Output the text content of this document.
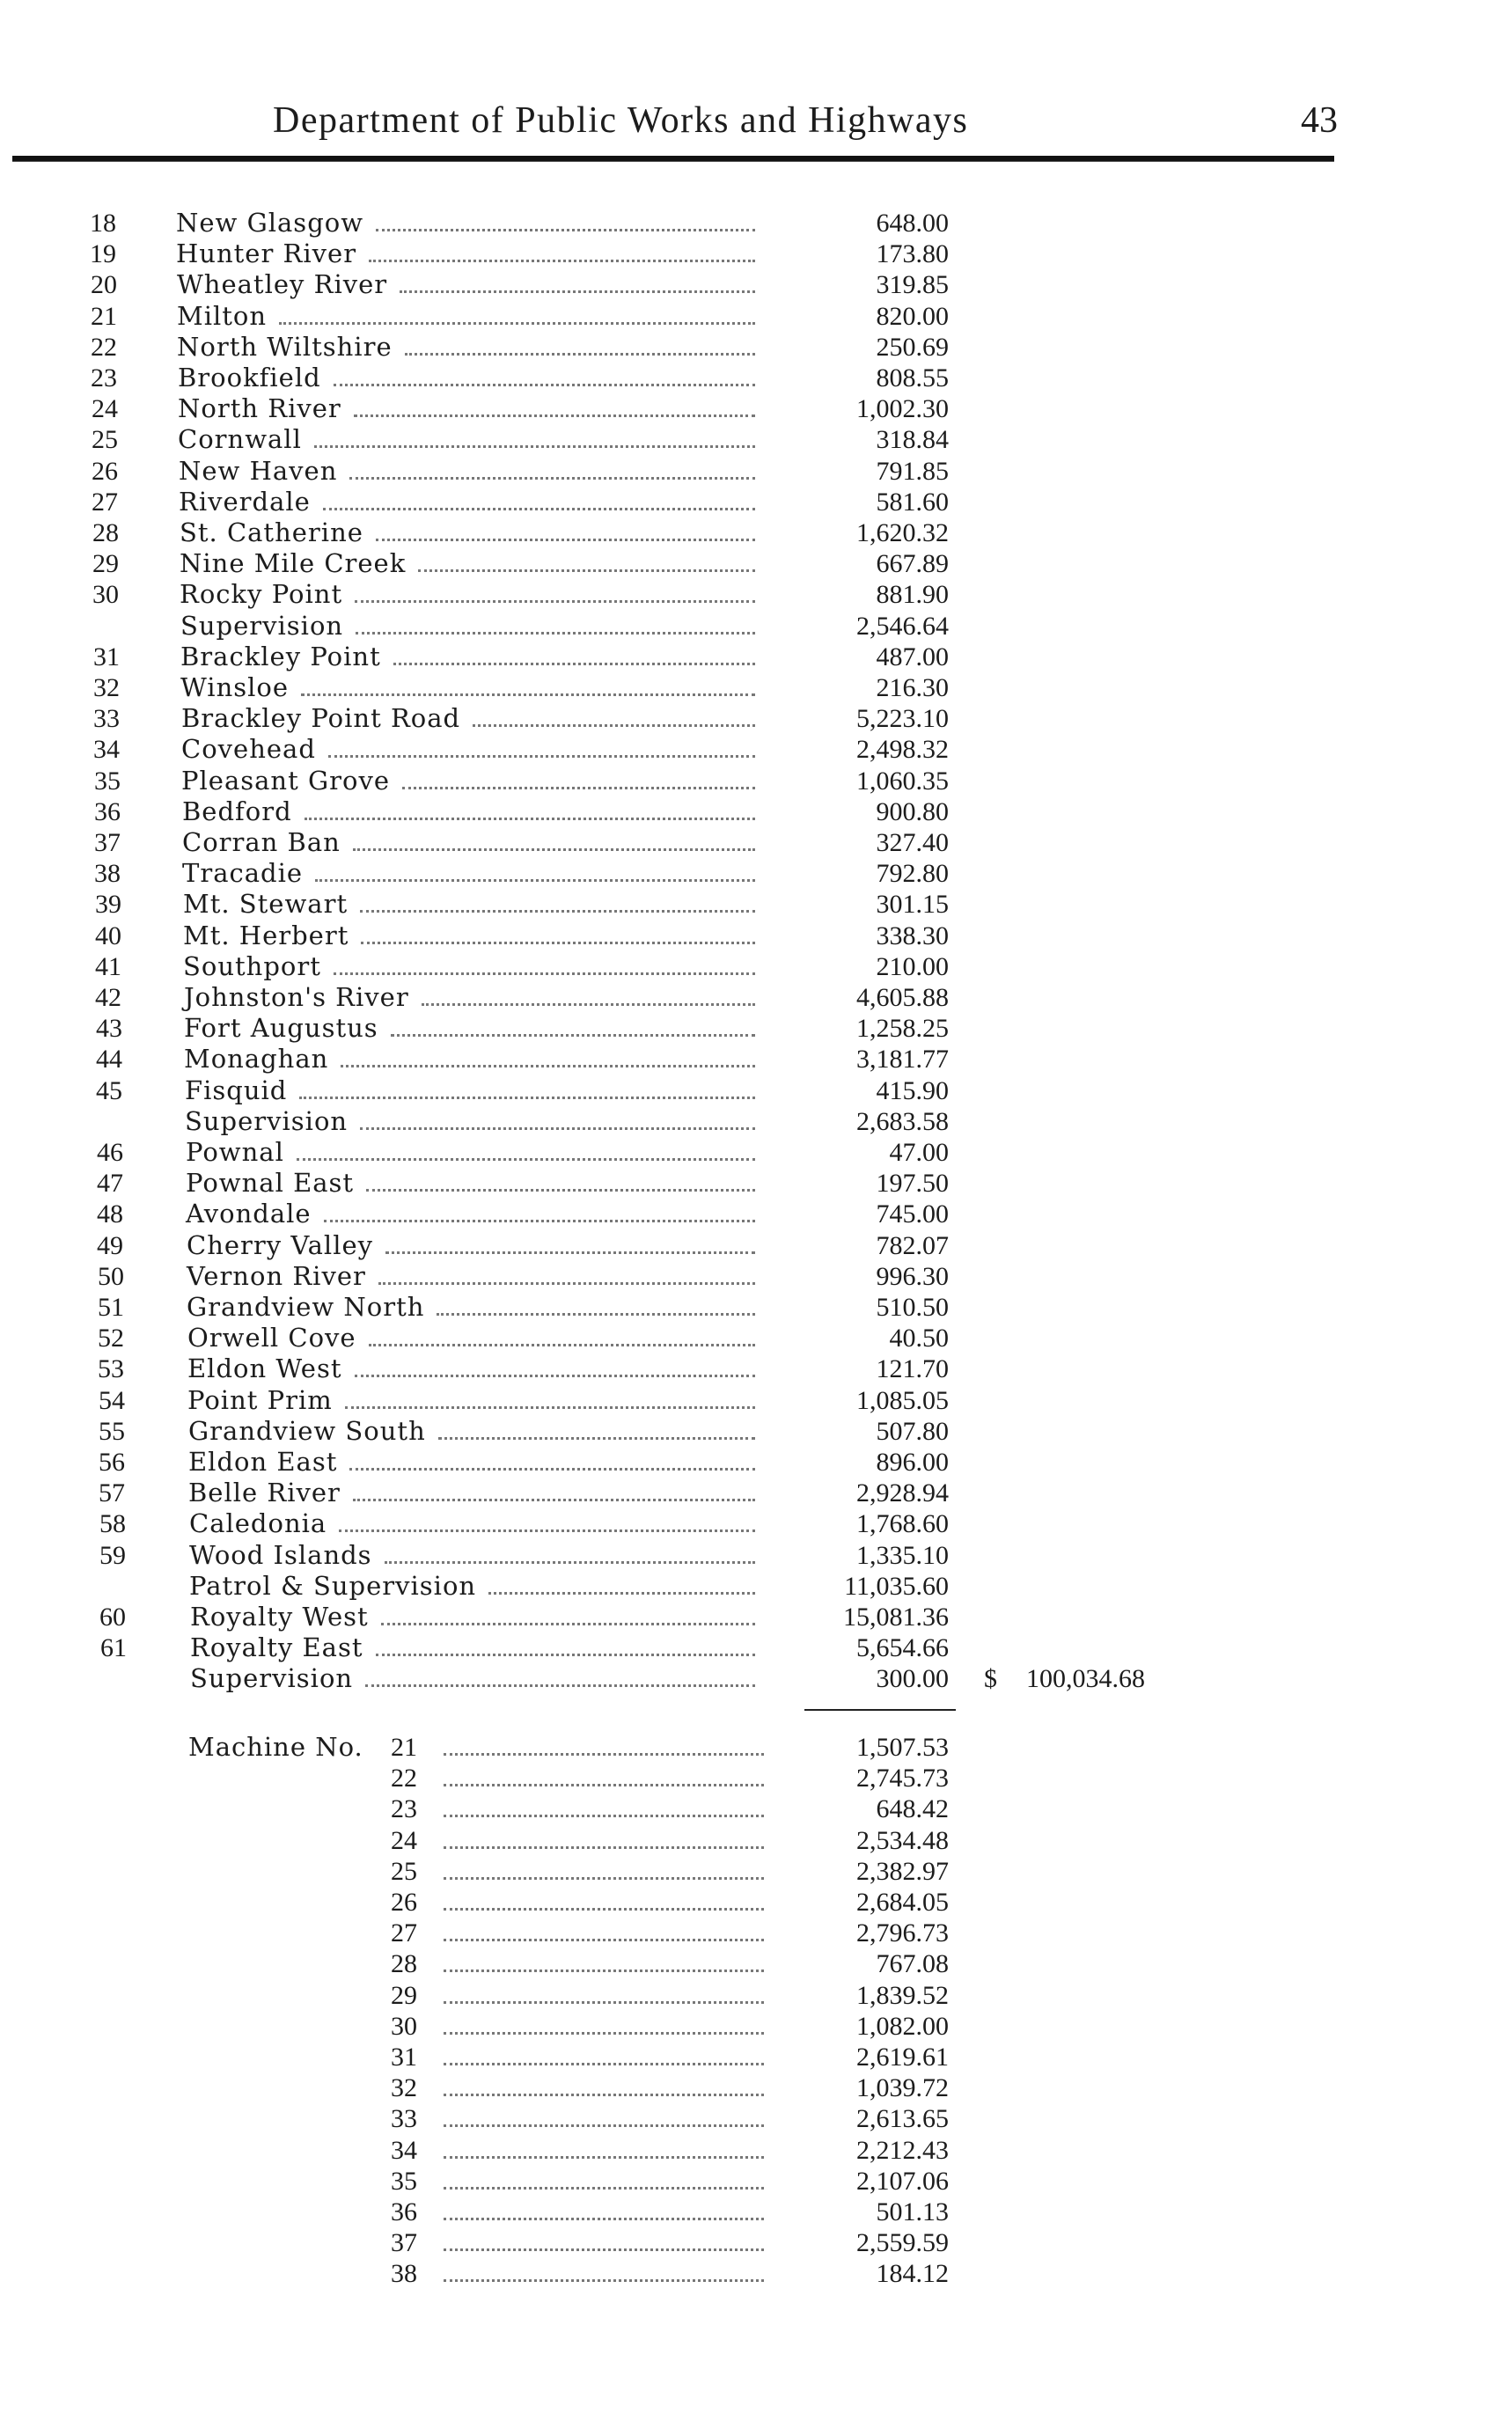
Department of Public Works and Highways	43
18	New Glasgow	648.00
19	Hunter River	173.80
20	Wheatley River	319.85
21	Milton	820.00
22	North Wiltshire	250.69
23	Brookfield	808.55
24	North River	1,002.30
25	Cornwall	318.84
26	New Haven	791.85
27	Riverdale	581.60
28	St. Catherine	1,620.32
29	Nine Mile Creek	667.89
30	Rocky Point	881.90
Supervision	2,546.64
31	Brackley Point	487.00
32	Winsloe	216.30
33	Brackley Point Road	5,223.10
34	Covehead	2,498.32
35	Pleasant Grove	1,060.35
36	Bedford	900.80
37	Corran Ban	327.40
38	Tracadie	792.80
39	Mt. Stewart	301.15
40	Mt. Herbert	338.30
41	Southport	210.00
42	Johnston's River	4,605.88
43	Fort Augustus	1,258.25
44	Monaghan	3,181.77
45	Fisquid	415.90
Supervision	2,683.58
46	Pownal	47.00
47	Pownal East	197.50
48	Avondale	745.00
49	Cherry Valley	782.07
50	Vernon River	996.30
51	Grandview North	510.50
52	Orwell Cove	40.50
53	Eldon West	121.70
54	Point Prim	1,085.05
55	Grandview South	507.80
56	Eldon East	896.00
57	Belle River	2,928.94
58	Caledonia	1,768.60
59	Wood Islands	1,335.10
Patrol & Supervision	11,035.60
60	Royalty West	15,081.36
61	Royalty East	5,654.66
Supervision	300.00 $ 100,034.68
Machine No. 21	1,507.53
22	2,745.73
23	648.42
24	2,534.48
25	2,382.97
26	2,684.05
27	2,796.73
28	767.08
29	1,839.52
30	1,082.00
31	2,619.61
32	1,039.72
33	2,613.65
34	2,212.43
35	2,107.06
36	501.13
37	2,559.59
38	184.12
